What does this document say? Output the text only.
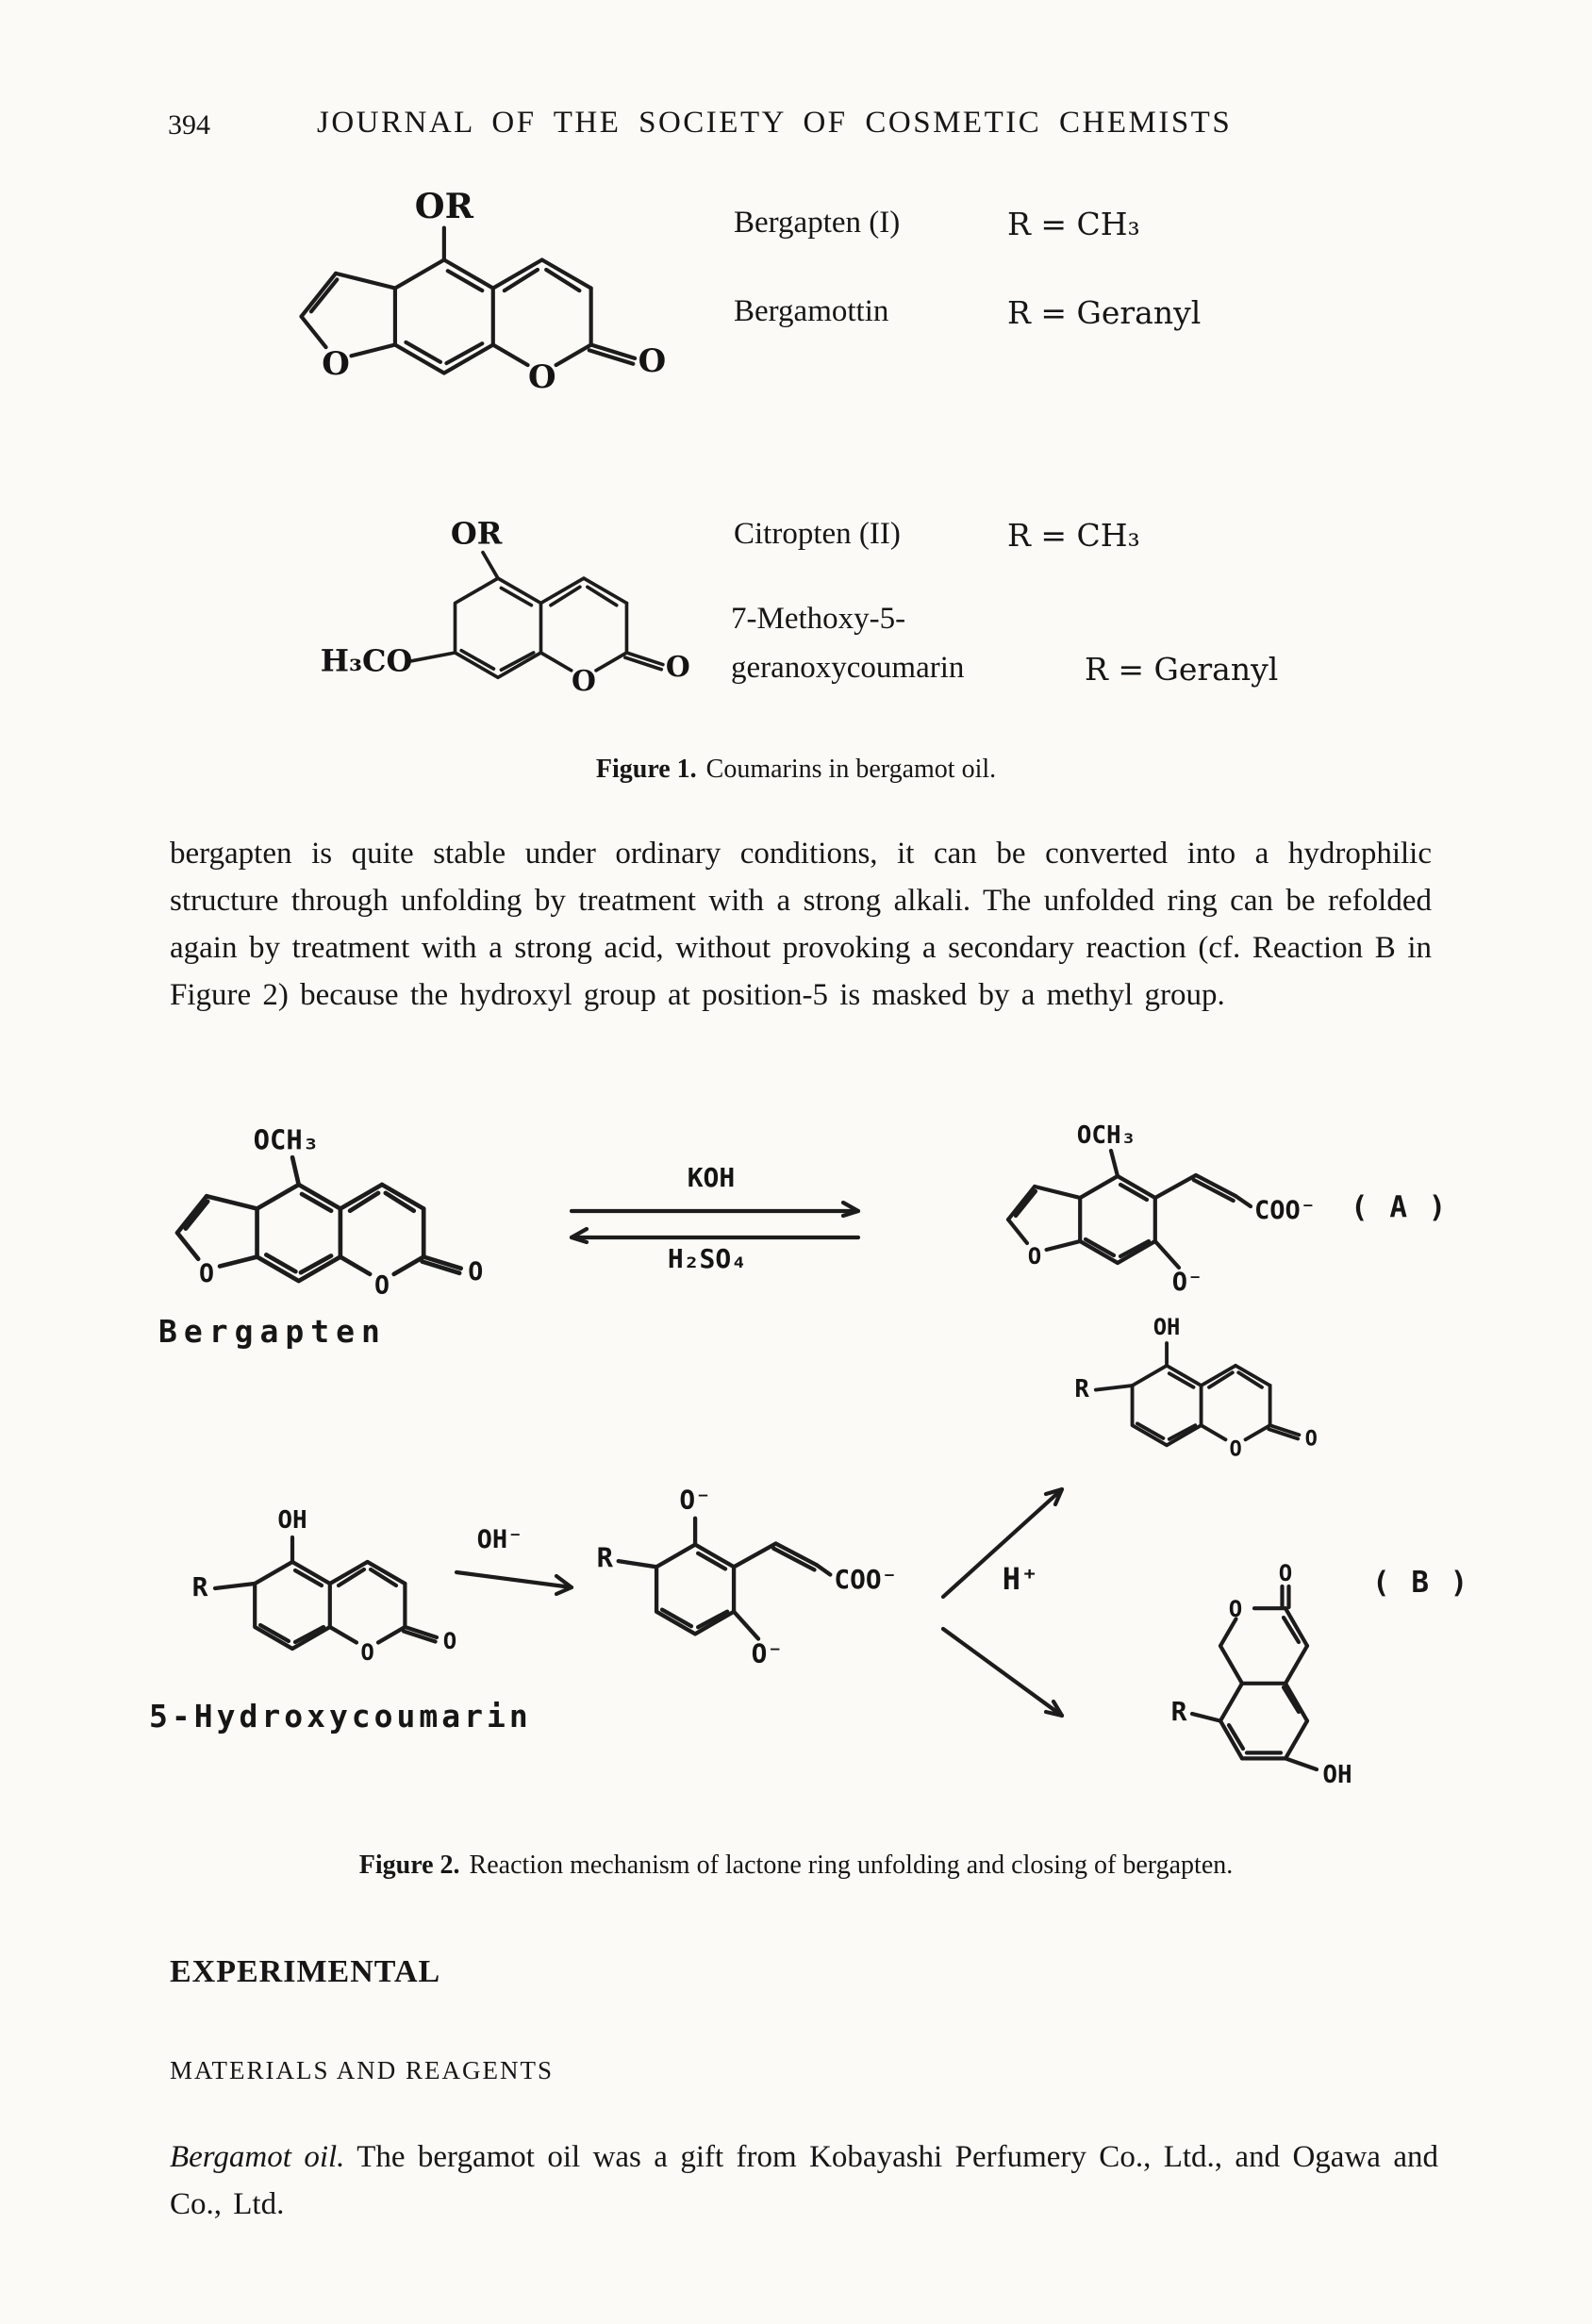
394	JOURNAL OF THE SOCIETY OF COSMETIC CHEMISTS
OR
O	O	O
Bergapten (I)	R = CH₃
Bergamottin	R = Geranyl
OR
H₃CO
O	O
Citropten (II)	R = CH₃
7-Methoxy-5-
geranoxycoumarin	R = Geranyl
Figure 1. Coumarins in bergamot oil.
bergapten is quite stable under ordinary conditions, it can be converted into a hydrophilic structure through unfolding by treatment with a strong alkali. The unfolded ring can be refolded again by treatment with a strong acid, without provoking a secondary reaction (cf. Reaction B in Figure 2) because the hydroxyl group at position-5 is masked by a methyl group.
OCH₃
O	O	O
Bergapten
KOH
H₂SO₄
OCH₃
O
COO⁻
O⁻
( A )
OH
R
O	O
OH
R
O	O
5-Hydroxycoumarin
OH⁻
O⁻
R
COO⁻
O⁻
H⁺	O
O
R
OH
( B )
Figure 2. Reaction mechanism of lactone ring unfolding and closing of bergapten.
EXPERIMENTAL
MATERIALS AND REAGENTS
Bergamot oil. The bergamot oil was a gift from Kobayashi Perfumery Co., Ltd., and Ogawa and Co., Ltd.
